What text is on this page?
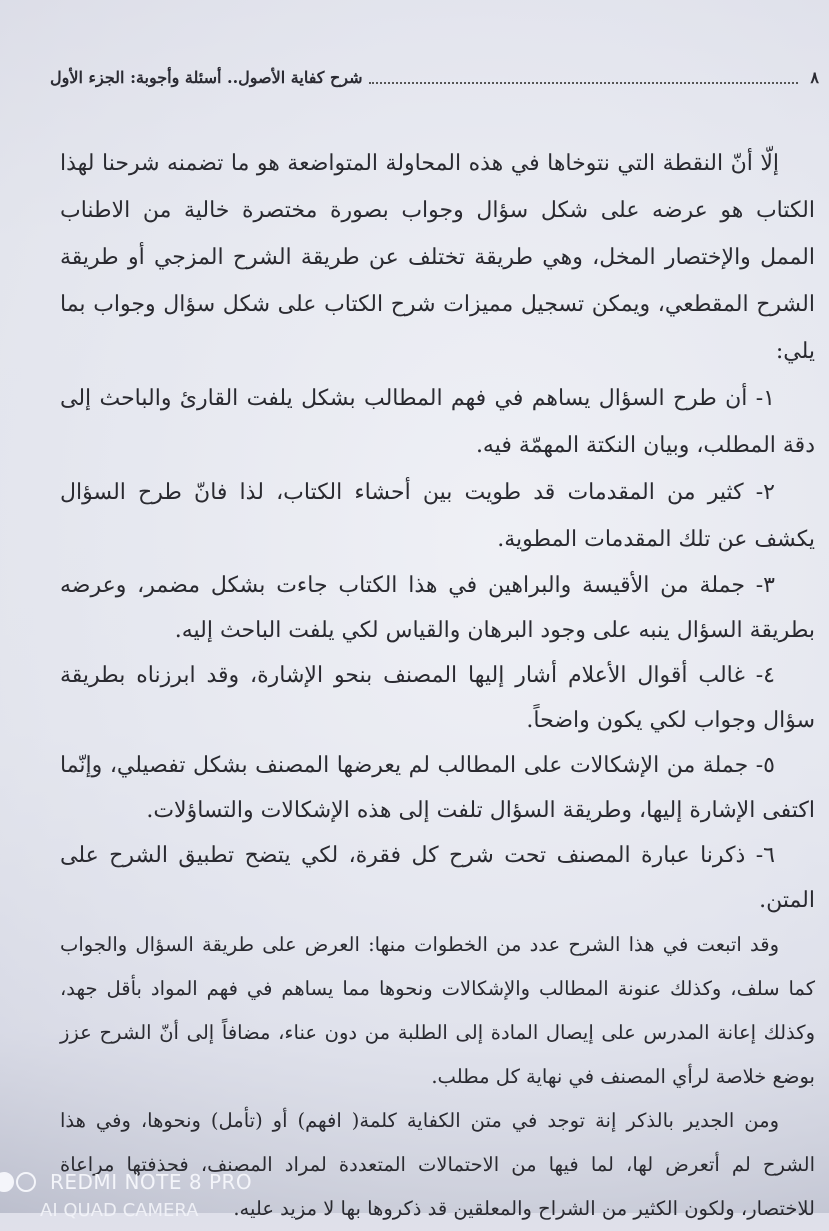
٨
شرح كفاية الأصول.. أسئلة وأجوبة: الجزء الأول

إلّا أنّ النقطة التي نتوخاها في هذه المحاولة المتواضعة هو ما تضمنه شرحنا لهذا الكتاب هو عرضه على شكل سؤال وجواب بصورة مختصرة خالية من الاطناب الممل والإختصار المخل، وهي طريقة تختلف عن طريقة الشرح المزجي أو طريقة الشرح المقطعي، ويمكن تسجيل مميزات شرح الكتاب على شكل سؤال وجواب بما يلي:

١- أن طرح السؤال يساهم في فهم المطالب بشكل يلفت القارئ والباحث إلى دقة المطلب، وبيان النكتة المهمّة فيه.

٢- كثير من المقدمات قد طويت بين أحشاء الكتاب، لذا فانّ طرح السؤال يكشف عن تلك المقدمات المطوية.

٣- جملة من الأقيسة والبراهين في هذا الكتاب جاءت بشكل مضمر، وعرضه بطريقة السؤال ينبه على وجود البرهان والقياس لكي يلفت الباحث إليه.

٤- غالب أقوال الأعلام أشار إليها المصنف بنحو الإشارة، وقد ابرزناه بطريقة سؤال وجواب لكي يكون واضحاً.

٥- جملة من الإشكالات على المطالب لم يعرضها المصنف بشكل تفصيلي، وإنّما اكتفى الإشارة إليها، وطريقة السؤال تلفت إلى هذه الإشكالات والتساؤلات.

٦- ذكرنا عبارة المصنف تحت شرح كل فقرة، لكي يتضح تطبيق الشرح على المتن.

وقد اتبعت في هذا الشرح عدد من الخطوات منها: العرض على طريقة السؤال والجواب كما سلف، وكذلك عنونة المطالب والإشكالات ونحوها مما يساهم في فهم المواد بأقل جهد، وكذلك إعانة المدرس على إيصال المادة إلى الطلبة من دون عناء، مضافاً إلى أنّ الشرح عزز بوضع خلاصة لرأي المصنف في نهاية كل مطلب.

ومن الجدير بالذكر إنة توجد في متن الكفاية كلمة( افهم) أو (تأمل) ونحوها، وفي هذا الشرح لم أتعرض لها، لما فيها من الاحتمالات المتعددة لمراد المصنف، فحذفتها مراعاة للاختصار، ولكون الكثير من الشراح والمعلقين قد ذكروها بها لا مزيد عليه.

REDMI NOTE 8 PRO
AI QUAD CAMERA
